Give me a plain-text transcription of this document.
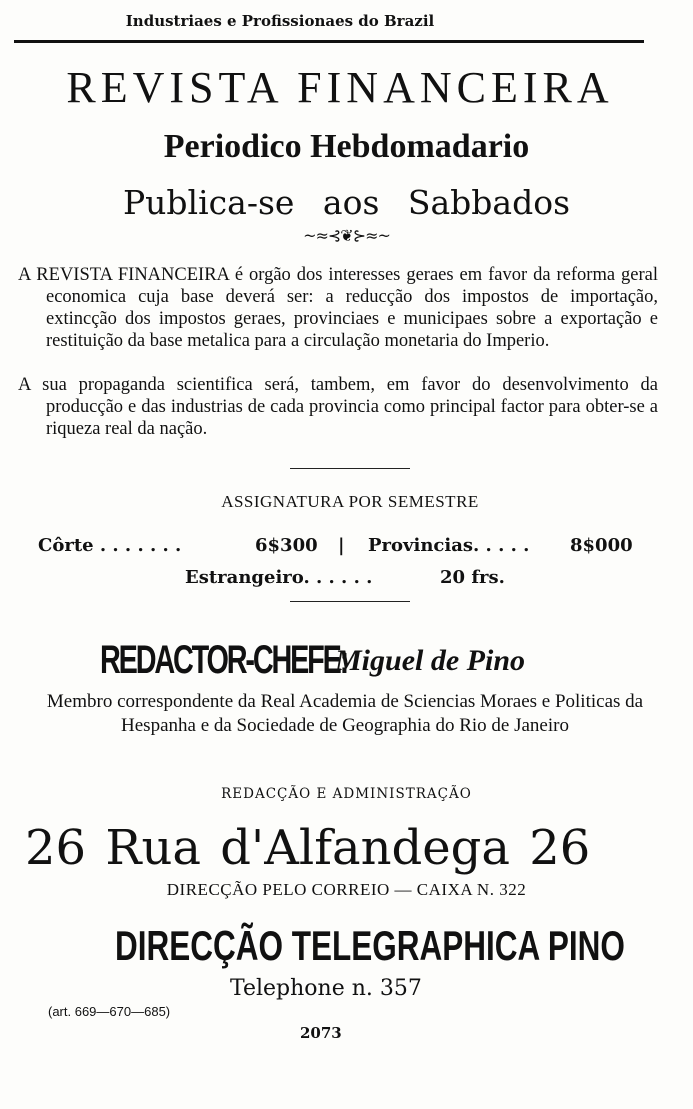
Industriaes e Profissionaes do Brazil
REVISTA FINANCEIRA
Periodico Hebdomadario
Publica-se aos Sabbados
~≈⊰❦⊱≈~

A REVISTA FINANCEIRA é orgão dos interesses geraes em favor da reforma geral economica cuja base deverá ser: a reducção dos impostos de importação, extincção dos impostos geraes, provinciaes e municipaes sobre a exportação e restituição da base metalica para a circulação monetaria do Imperio.

A sua propaganda scientifica será, tambem, em favor do desenvolvimento da producção e das industrias de cada provincia como principal factor para obter-se a riqueza real da nação.

ASSIGNATURA POR SEMESTRE
Côrte . . . . . . .	6$300 | Provincias. . . . . 8$000
Estrangeiro. . . . . .	20 frs.
REDACTOR-CHEFE:
Miguel de Pino
Membro correspondente da Real Academia de Sciencias Moraes e Politicas da Hespanha e da Sociedade de Geographia do Rio de Janeiro
REDACÇÃO E ADMINISTRAÇÃO
26 Rua d'Alfandega 26
DIRECÇÃO PELO CORREIO — CAIXA N. 322
DIRECÇÃO TELEGRAPHICA PINO
Telephone n. 357
(art. 669—670—685)
2073
